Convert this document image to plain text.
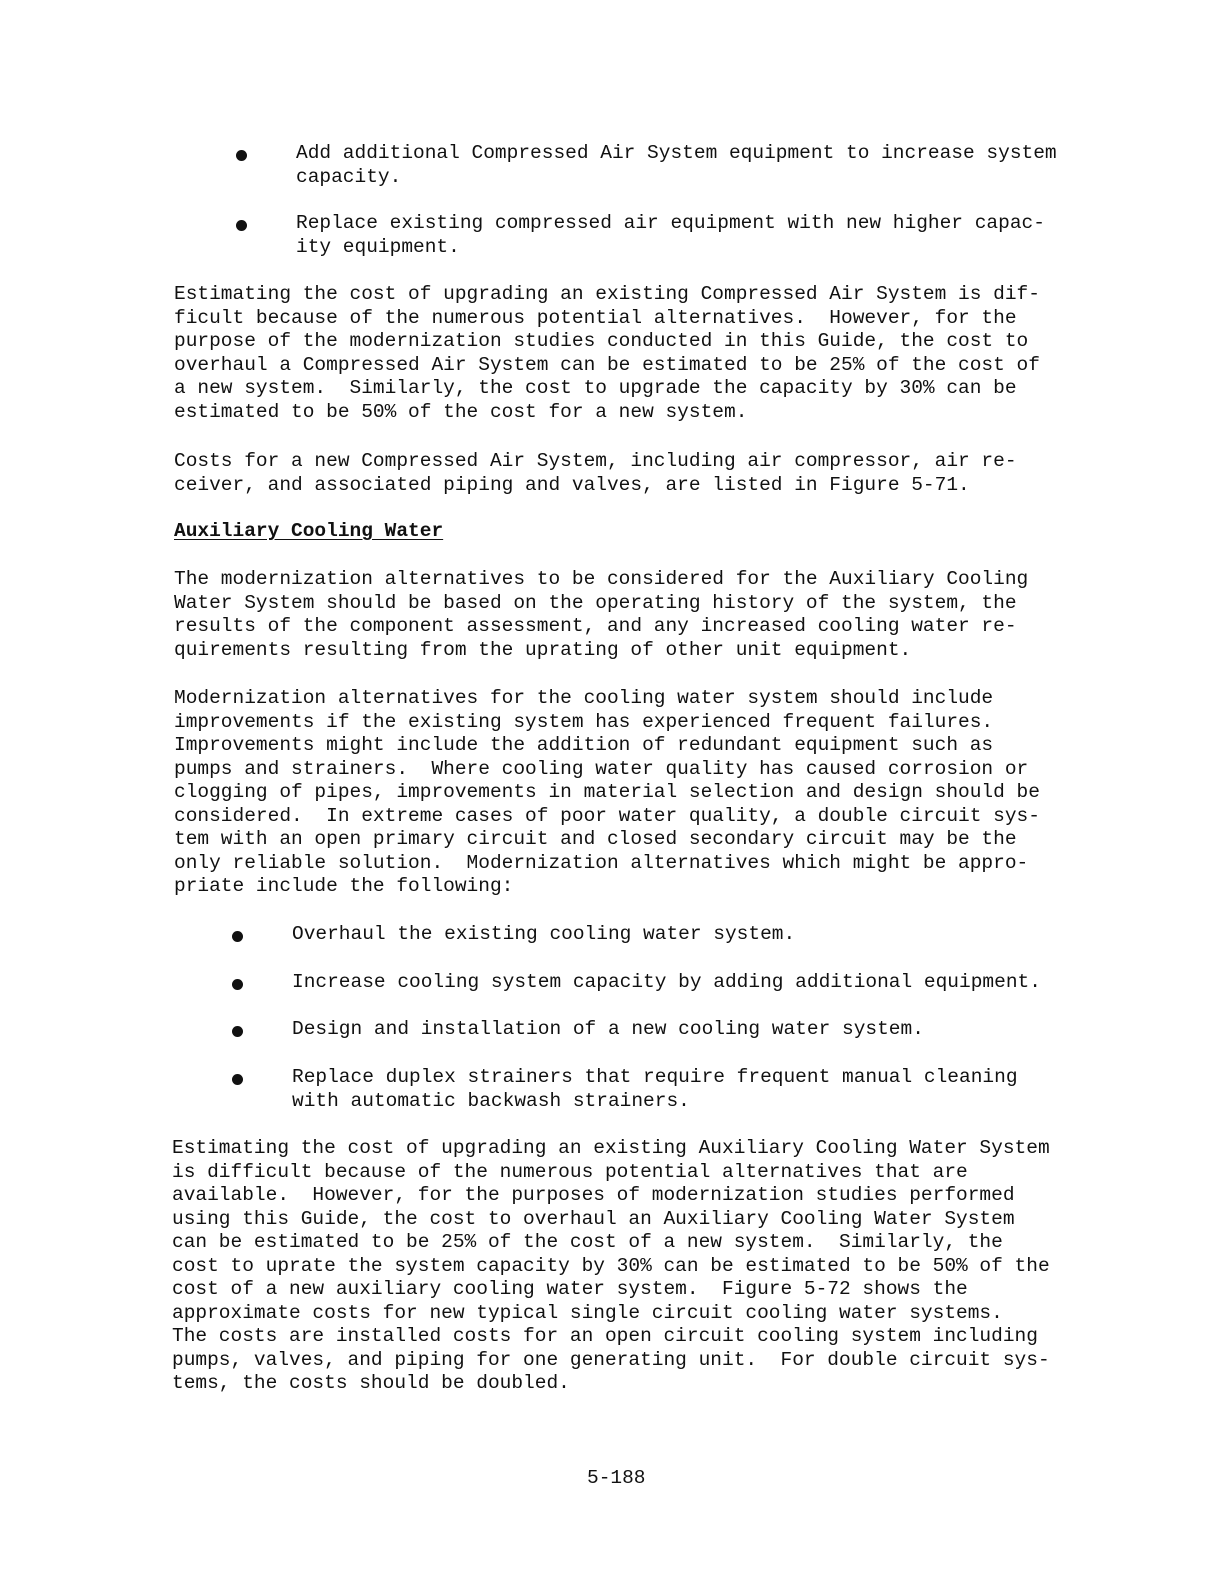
Add additional Compressed Air System equipment to increase system
capacity.
Replace existing compressed air equipment with new higher capac-
ity equipment.
Estimating the cost of upgrading an existing Compressed Air System is dif-
ficult because of the numerous potential alternatives.  However, for the
purpose of the modernization studies conducted in this Guide, the cost to
overhaul a Compressed Air System can be estimated to be 25% of the cost of
a new system.  Similarly, the cost to upgrade the capacity by 30% can be
estimated to be 50% of the cost for a new system.
Costs for a new Compressed Air System, including air compressor, air re-
ceiver, and associated piping and valves, are listed in Figure 5-71.
Auxiliary Cooling Water
The modernization alternatives to be considered for the Auxiliary Cooling
Water System should be based on the operating history of the system, the
results of the component assessment, and any increased cooling water re-
quirements resulting from the uprating of other unit equipment.
Modernization alternatives for the cooling water system should include
improvements if the existing system has experienced frequent failures.
Improvements might include the addition of redundant equipment such as
pumps and strainers.  Where cooling water quality has caused corrosion or
clogging of pipes, improvements in material selection and design should be
considered.  In extreme cases of poor water quality, a double circuit sys-
tem with an open primary circuit and closed secondary circuit may be the
only reliable solution.  Modernization alternatives which might be appro-
priate include the following:
Overhaul the existing cooling water system.
Increase cooling system capacity by adding additional equipment.
Design and installation of a new cooling water system.
Replace duplex strainers that require frequent manual cleaning
with automatic backwash strainers.
Estimating the cost of upgrading an existing Auxiliary Cooling Water System
is difficult because of the numerous potential alternatives that are
available.  However, for the purposes of modernization studies performed
using this Guide, the cost to overhaul an Auxiliary Cooling Water System
can be estimated to be 25% of the cost of a new system.  Similarly, the
cost to uprate the system capacity by 30% can be estimated to be 50% of the
cost of a new auxiliary cooling water system.  Figure 5-72 shows the
approximate costs for new typical single circuit cooling water systems.
The costs are installed costs for an open circuit cooling system including
pumps, valves, and piping for one generating unit.  For double circuit sys-
tems, the costs should be doubled.
5-188
